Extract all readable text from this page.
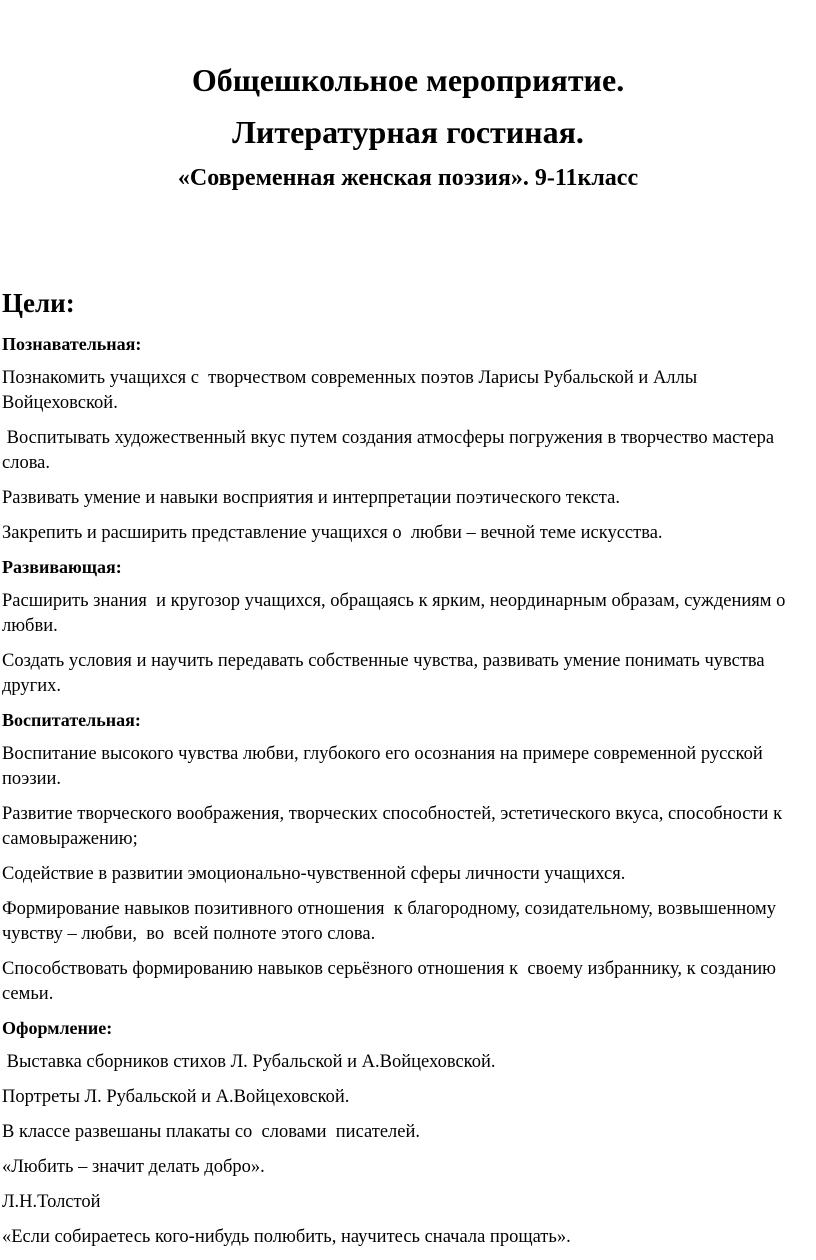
Общешкольное мероприятие.
Литературная гостиная.
«Современная женская поэзия». 9-11класс
Цели:
Познавательная:
Познакомить учащихся с  творчеством современных поэтов Ларисы Рубальской и Аллы Войцеховской.
Воспитывать художественный вкус путем создания атмосферы погружения в творчество мастера слова.
Развивать умение и навыки восприятия и интерпретации поэтического текста.
Закрепить и расширить представление учащихся о  любви – вечной теме искусства.
Развивающая:
Расширить знания  и кругозор учащихся, обращаясь к ярким, неординарным образам, суждениям о любви.
Создать условия и научить передавать собственные чувства, развивать умение понимать чувства других.
Воспитательная:
Воспитание высокого чувства любви, глубокого его осознания на примере современной русской поэзии.
Развитие творческого воображения, творческих способностей, эстетического вкуса, способности к самовыражению;
Содействие в развитии эмоционально-чувственной сферы личности учащихся.
Формирование навыков позитивного отношения  к благородному, созидательному, возвышенному  чувству – любви,  во  всей полноте этого слова.
Способствовать формированию навыков серьёзного отношения к  своему избраннику, к созданию семьи.
Оформление:
Выставка сборников стихов Л. Рубальской и А.Войцеховской.
Портреты Л. Рубальской и А.Войцеховской.
В классе развешаны плакаты со  словами  писателей.
«Любить – значит делать добро».
Л.Н.Толстой
«Если собираетесь кого-нибудь полюбить, научитесь сначала прощать».
